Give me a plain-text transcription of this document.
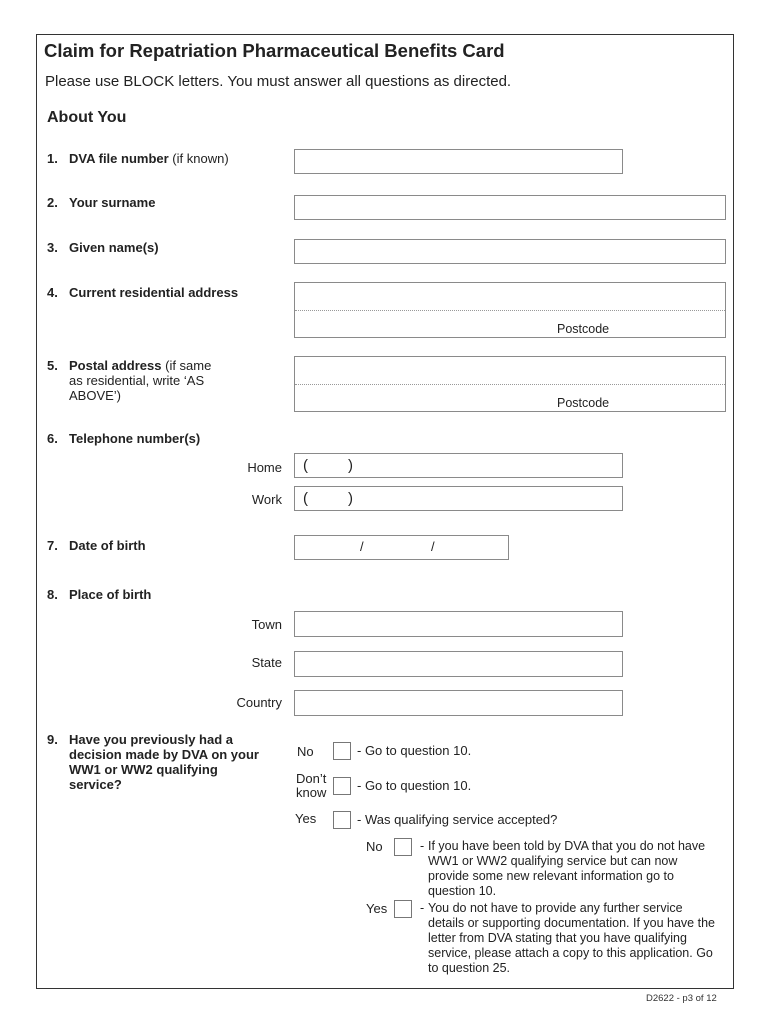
Claim for Repatriation Pharmaceutical Benefits Card
Please use BLOCK letters. You must answer all questions as directed.
About You
1. DVA file number (if known)
2. Your surname
3. Given name(s)
4. Current residential address
Postcode
5. Postal address (if same as residential, write ‘AS ABOVE’)	Postcode
6. Telephone number(s)
Home (	)
Work (	)
7. Date of birth	/	/
8. Place of birth
Town
State
Country
9. Have you previously had a decision made by DVA on your WW1 or WW2 qualifying service?
No	- Go to question 10.
Don’t know - Go to question 10.
Yes	- Was qualifying service accepted?
No	- If you have been told by DVA that you do not have WW1 or WW2 qualifying service but can now provide some new relevant information go to question 10.
Yes	- You do not have to provide any further service details or supporting documentation. If you have the letter from DVA stating that you have qualifying service, please attach a copy to this application. Go to question 25.
D2622 - p3 of 12
